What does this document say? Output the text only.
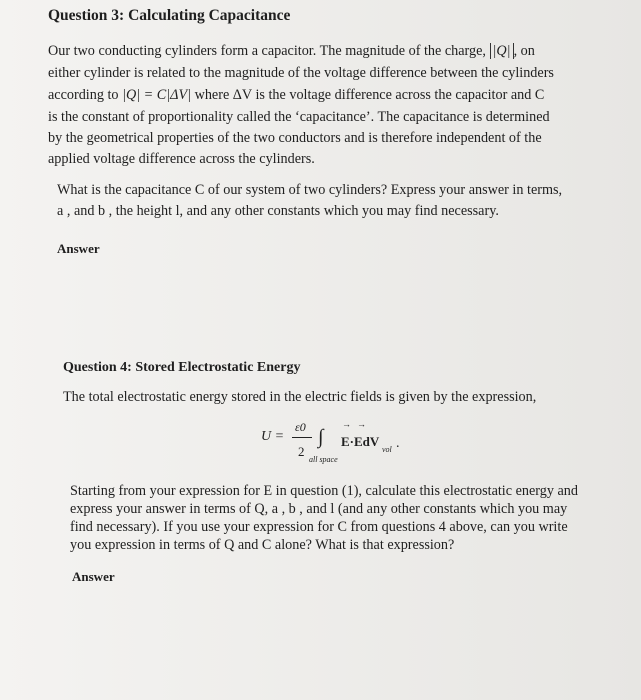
Question 3: Calculating Capacitance
Our two conducting cylinders form a capacitor. The magnitude of the charge, |Q| , on
either cylinder is related to the magnitude of the voltage difference between the cylinders
according to |Q| = C|ΔV| where ΔV is the voltage difference across the capacitor and C
is the constant of proportionality called the ‘capacitance’. The capacitance is determined
by the geometrical properties of the two conductors and is therefore independent of the
applied voltage difference across the cylinders.
What is the capacitance C of our system of two cylinders? Express your answer in terms,
a , and b , the height l, and any other constants which you may find necessary.
Answer
Question 4: Stored Electrostatic Energy
The total electrostatic energy stored in the electric fields is given by the expression,
U =
ε0
2
∫
all space
→→
E·EdV
vol .
Starting from your expression for E in question (1), calculate this electrostatic energy and
express your answer in terms of Q, a , b , and l (and any other constants which you may
find necessary). If you use your expression for C from questions 4 above, can you write
you expression in terms of Q and C alone? What is that expression?
Answer
